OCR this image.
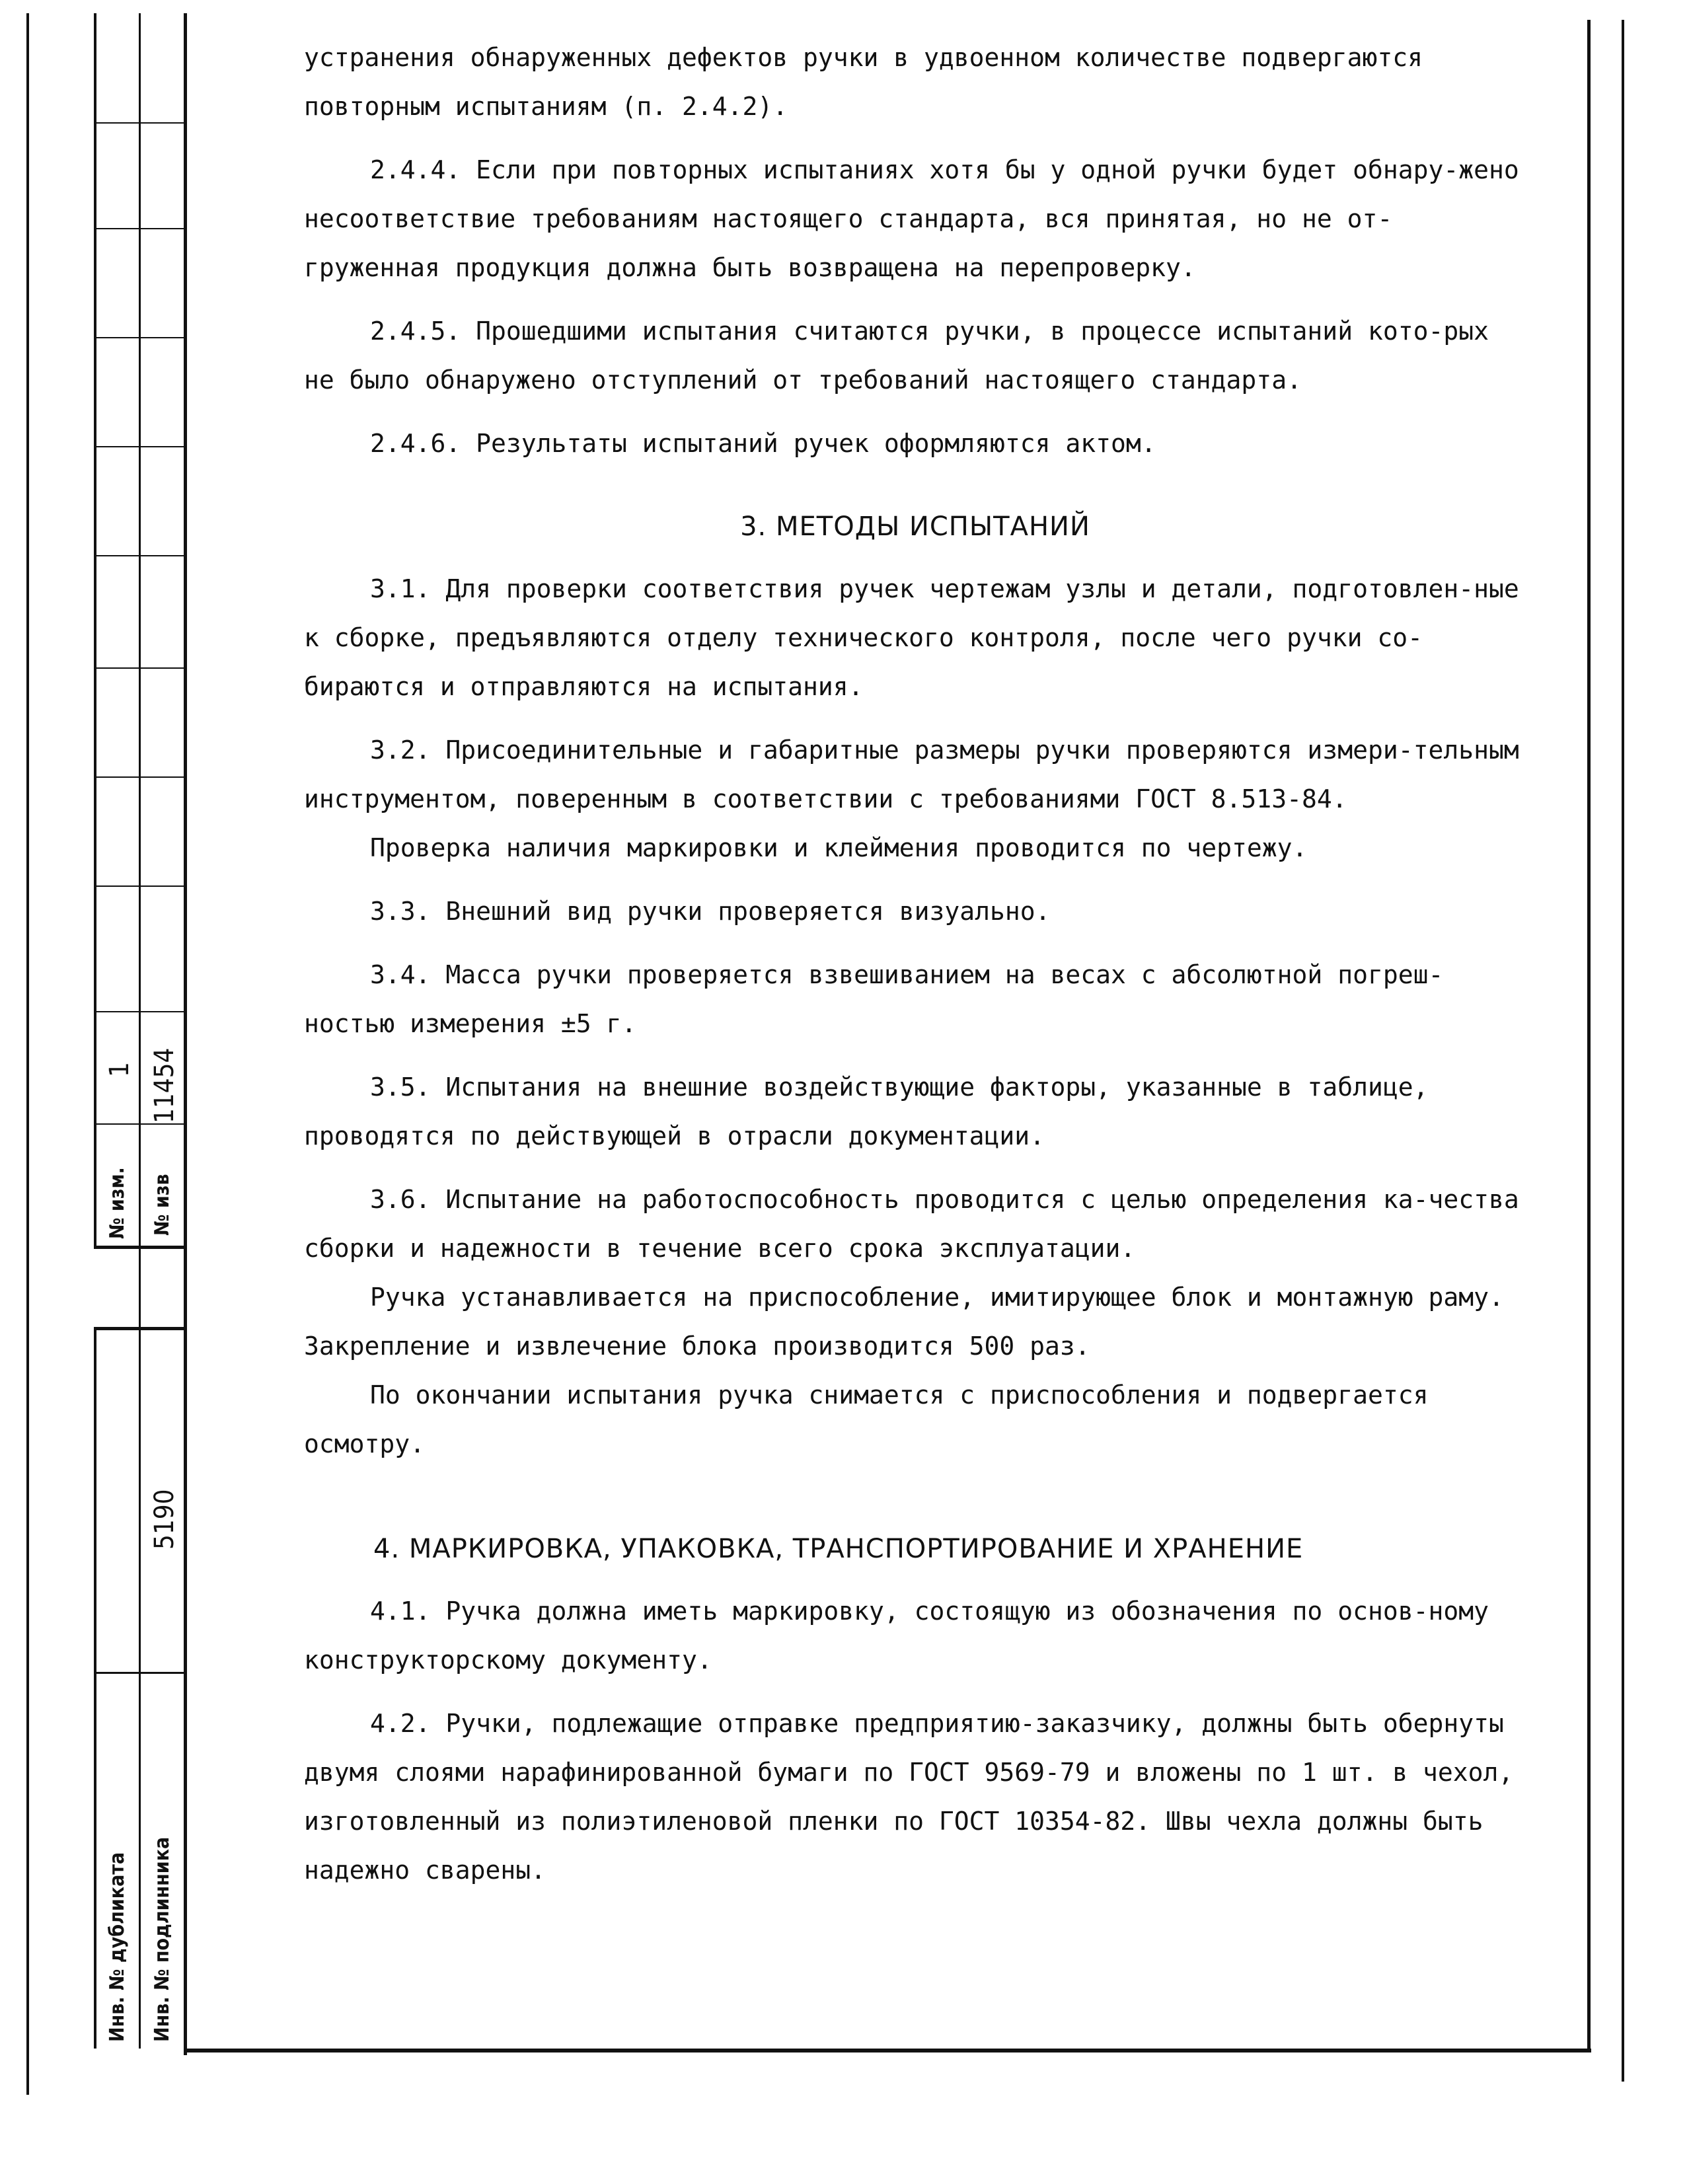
№ изм.
1
№ изв
11454
Инв. № дубликата Инв. № подлинника
5190

устранения обнаруженных дефектов ручки в удвоенном количестве подвергаются

повторным испытаниям (п. 2.4.2).

2.4.4. Если при повторных испытаниях хотя бы у одной ручки будет обнару-жено несоответствие требованиям настоящего стандарта, вся принятая, но не от-груженная продукция должна быть возвращена на перепроверку.

2.4.5. Прошедшими испытания считаются ручки, в процессе испытаний кото-рых не было обнаружено отступлений от требований настоящего стандарта.

2.4.6. Результаты испытаний ручек оформляются актом.

3. МЕТОДЫ ИСПЫТАНИЙ

3.1. Для проверки соответствия ручек чертежам узлы и детали, подготовлен-ные к сборке, предъявляются отделу технического контроля, после чего ручки со-бираются и отправляются на испытания.

3.2. Присоединительные и габаритные размеры ручки проверяются измери-тельным инструментом, поверенным в соответствии с требованиями ГОСТ 8.513-84.

Проверка наличия маркировки и клеймения проводится по чертежу.

3.3. Внешний вид ручки проверяется визуально.

3.4. Масса ручки проверяется взвешиванием на весах с абсолютной погреш-ностью измерения ±5 г.

3.5. Испытания на внешние воздействующие факторы, указанные в таблице, проводятся по действующей в отрасли документации.

3.6. Испытание на работоспособность проводится с целью определения ка-чества сборки и надежности в течение всего срока эксплуатации.

Ручка устанавливается на приспособление, имитирующее блок и монтажную раму. Закрепление и извлечение блока производится 500 раз.

По окончании испытания ручка снимается с приспособления и подвергается осмотру.

4. МАРКИРОВКА, УПАКОВКА, ТРАНСПОРТИРОВАНИЕ И ХРАНЕНИЕ

4.1. Ручка должна иметь маркировку, состоящую из обозначения по основ-ному конструкторскому документу.

4.2. Ручки, подлежащие отправке предприятию-заказчику, должны быть обернуты двумя слоями нарафинированной бумаги по ГОСТ 9569-79 и вложены по 1 шт. в чехол, изготовленный из полиэтиленовой пленки по ГОСТ 10354-82. Швы чехла должны быть надежно сварены.
